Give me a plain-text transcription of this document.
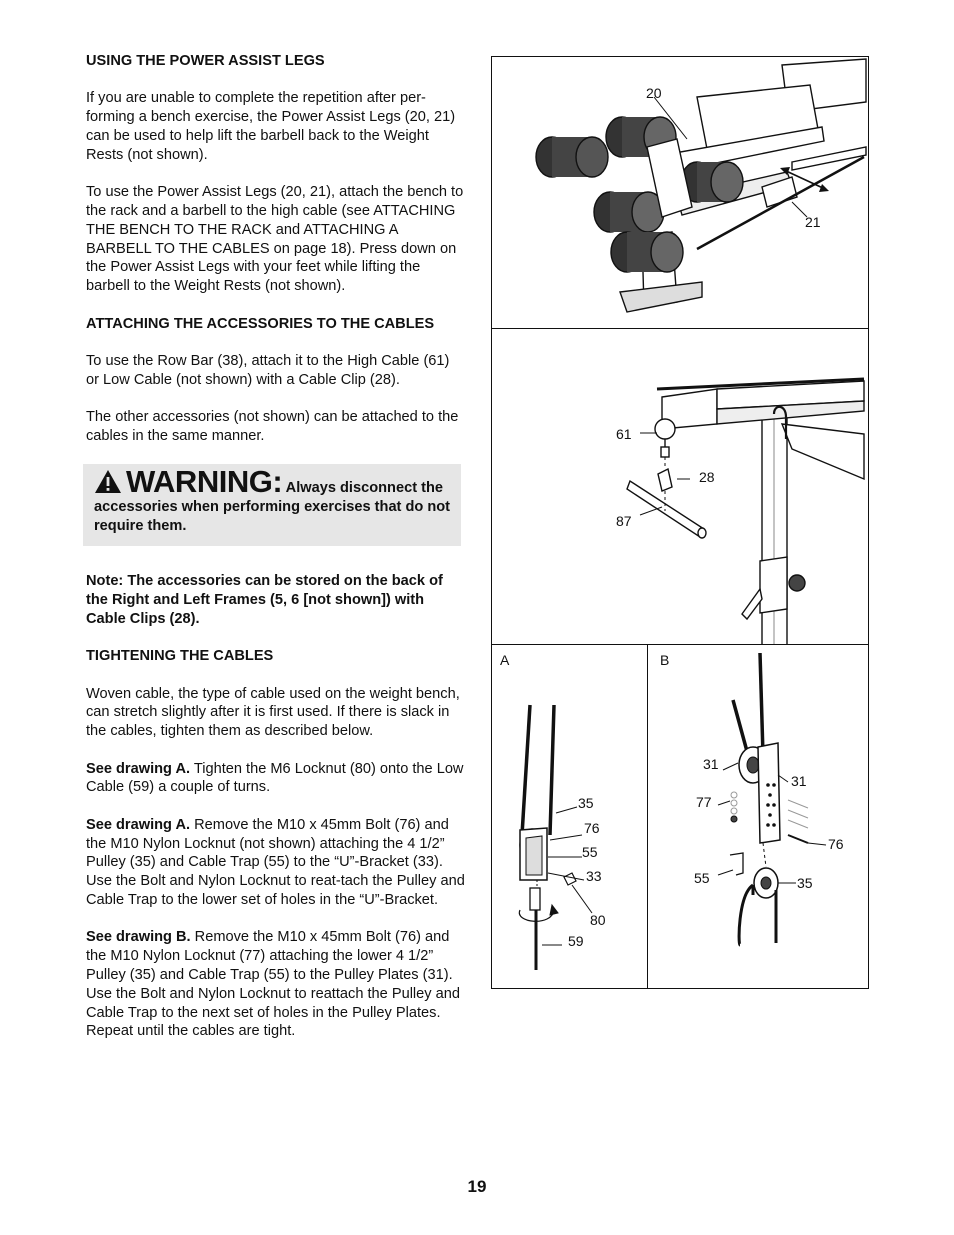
USING THE POWER ASSIST LEGS

If you are unable to complete the repetition after per-forming a bench exercise, the Power Assist Legs (20, 21) can be used to help lift the barbell back to the Weight Rests (not shown).

To use the Power Assist Legs (20, 21), attach the bench to the rack and a barbell to the high cable (see ATTACHING THE BENCH TO THE RACK and ATTACHING A BARBELL TO THE CABLES on page 18). Press down on the Power Assist Legs with your feet while lifting the barbell to the Weight Rests (not shown).

ATTACHING THE ACCESSORIES TO THE CABLES

To use the Row Bar (38), attach it to the High Cable (61) or Low Cable (not shown) with a Cable Clip (28).

The other accessories (not shown) can be attached to the cables in the same manner.

WARNING: Always disconnect the accessories when performing exercises that do not require them.

Note: The accessories can be stored on the back of the Right and Left Frames (5, 6 [not shown]) with Cable Clips (28).

TIGHTENING THE CABLES

Woven cable, the type of cable used on the weight bench, can stretch slightly after it is first used. If there is slack in the cables, tighten them as described below.

See drawing A. Tighten the M6 Locknut (80) onto the Low Cable (59) a couple of turns.

See drawing A. Remove the M10 x 45mm Bolt (76) and the M10 Nylon Locknut (not shown) attaching the 4 1/2” Pulley (35) and Cable Trap (55) to the “U”-Bracket (33). Use the Bolt and Nylon Locknut to reat-tach the Pulley and Cable Trap to the lower set of holes in the “U”-Bracket.

See drawing B. Remove the M10 x 45mm Bolt (76) and the M10 Nylon Locknut (77) attaching the lower 4 1/2” Pulley (35) and Cable Trap (55) to the Pulley Plates (31). Use the Bolt and Nylon Locknut to reattach the Pulley and Cable Trap to the next set of holes in the Pulley Plates. Repeat until the cables are tight.

20
21
61
28
87
A
35
76
55
33
80
59
B
31
31
77
76
55	35
19
